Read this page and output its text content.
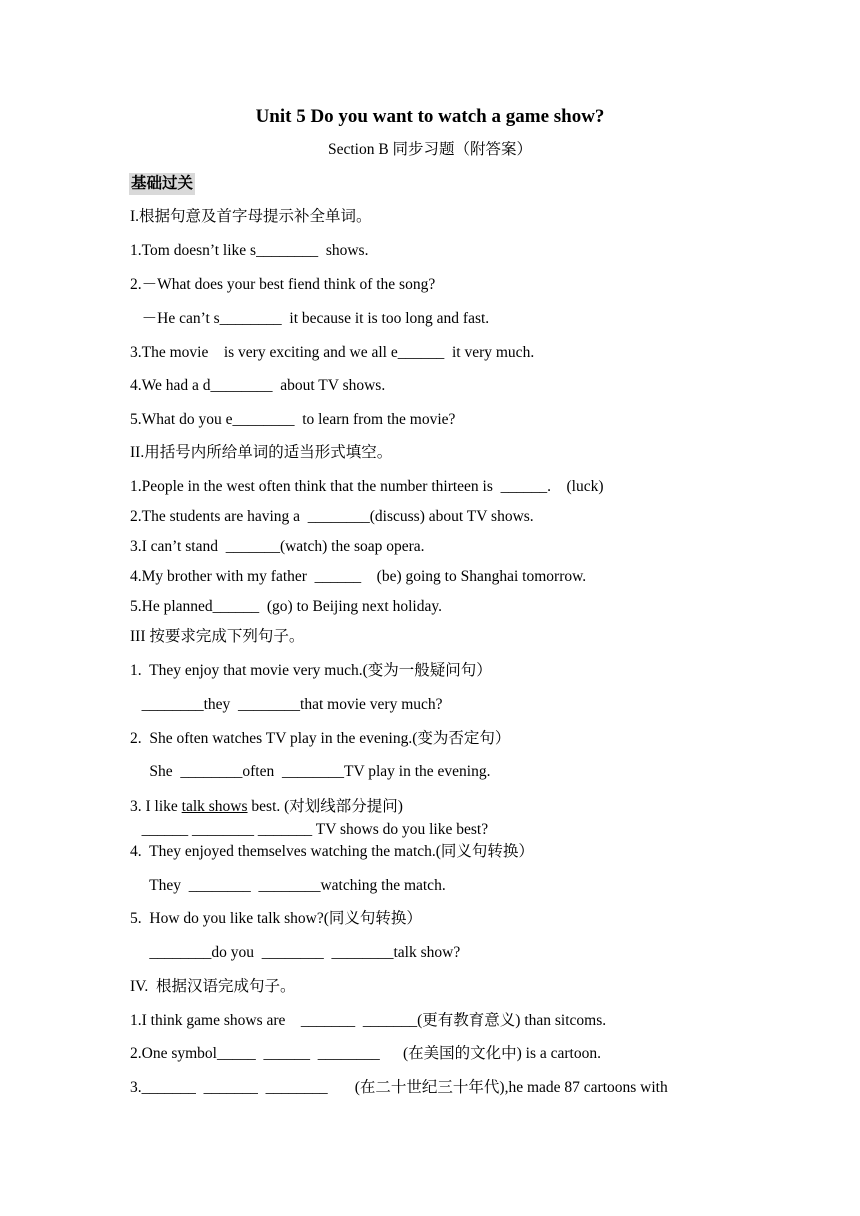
Unit 5 Do you want to watch a game show?
Section B 同步习题（附答案）
基础过关
I.根据句意及首字母提示补全单词。
1.Tom doesn’t like s________  shows.
2.－What does your best fiend think of the song?
－He can’t s________  it because it is too long and fast.
3.The movie    is very exciting and we all e______  it very much.
4.We had a d________  about TV shows.
5.What do you e________  to learn from the movie?
II.用括号内所给单词的适当形式填空。
1.People in the west often think that the number thirteen is  ______.    (luck)
2.The students are having a  ________(discuss) about TV shows.
3.I can’t stand  _______(watch) the soap opera.
4.My brother with my father  ______    (be) going to Shanghai tomorrow.
5.He planned______  (go) to Beijing next holiday.
III 按要求完成下列句子。
1.  They enjoy that movie very much.(变为一般疑问句）
________they  ________that movie very much?
2.  She often watches TV play in the evening.(变为否定句）
She  ________often  ________TV play in the evening.
3. I like talk shows best. (对划线部分提问)
______ ________ _______ TV shows do you like best?
4.  They enjoyed themselves watching the match.(同义句转换）
They  ________  ________watching the match.
5.  How do you like talk show?(同义句转换）
________do you  ________  ________talk show?
IV.  根据汉语完成句子。
1.I think game shows are    _______  _______(更有教育意义) than sitcoms.
2.One symbol_____  ______  ________      (在美国的文化中) is a cartoon.
3._______  _______  ________       (在二十世纪三十年代),he made 87 cartoons with
